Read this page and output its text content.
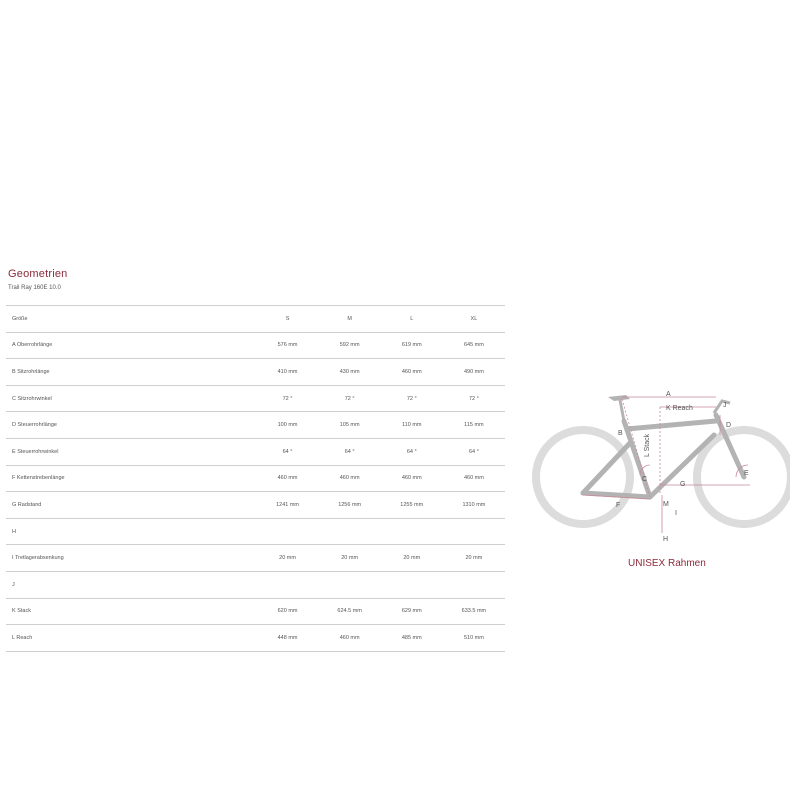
Geometrien
Trail Ray 160E 10.0
Größe	S	M	L	XL
A Oberrohrlänge	576 mm	592 mm	619 mm	645 mm
B Sitzrohrlänge	410 mm	430 mm	460 mm	490 mm
C Sitzrohrwinkel	72 °	72 °	72 °	72 °
D Steuerrohrlänge	100 mm	105 mm	110 mm	115 mm
E Steuerrohrwinkel	64 °	64 °	64 °	64 °
F Kettenstrebenlänge	460 mm	460 mm	460 mm	460 mm
G Radstand	1241 mm	1256 mm	1255 mm	1310 mm
H				
I Tretlagerabsenkung	20 mm	20 mm	20 mm	20 mm
J				
K Stack	620 mm	624.5 mm	629 mm	633.5 mm
L Reach	448 mm	460 mm	485 mm	510 mm
A
B
C
D
E
F
G
H
I
J
K Reach
L Stack
M
UNISEX Rahmen
